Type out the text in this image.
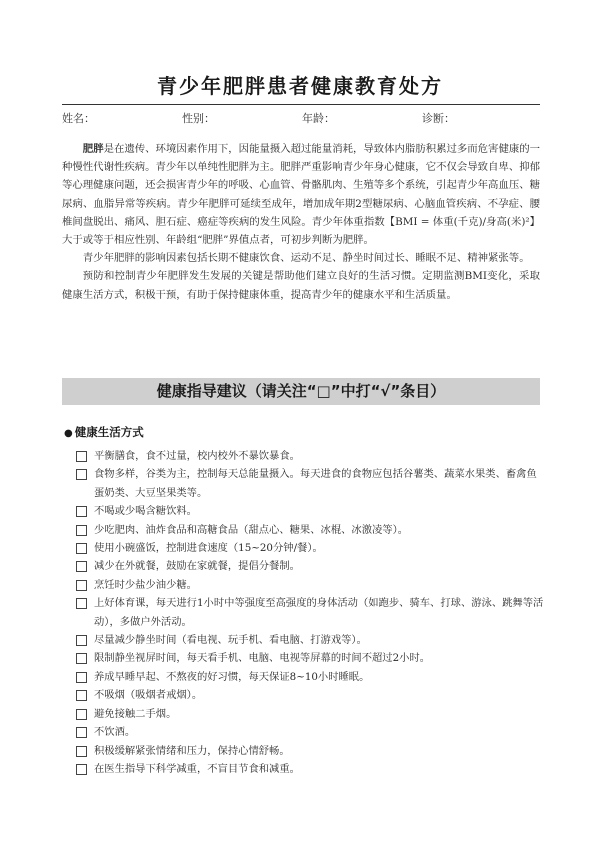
青少年肥胖患者健康教育处方
姓名：	性别：	年龄：	诊断：

肥胖是在遗传、环境因素作用下，因能量摄入超过能量消耗，导致体内脂肪积累过多而危害健康的一种慢性代谢性疾病。青少年以单纯性肥胖为主。肥胖严重影响青少年身心健康，它不仅会导致自卑、抑郁等心理健康问题，还会损害青少年的呼吸、心血管、骨骼肌肉、生殖等多个系统，引起青少年高血压、糖尿病、血脂异常等疾病。青少年肥胖可延续至成年，增加成年期2型糖尿病、心脑血管疾病、不孕症、腰椎间盘脱出、痛风、胆石症、癌症等疾病的发生风险。青少年体重指数【BMI = 体重(千克)/身高(米)²】大于或等于相应性别、年龄组“肥胖”界值点者，可初步判断为肥胖。

青少年肥胖的影响因素包括长期不健康饮食、运动不足、静坐时间过长、睡眠不足、精神紧张等。

预防和控制青少年肥胖发生发展的关键是帮助他们建立良好的生活习惯。定期监测BMI变化，采取健康生活方式，积极干预，有助于保持健康体重，提高青少年的健康水平和生活质量。

健康指导建议（请关注“□”中打“√”条目）
● 健康生活方式
平衡膳食，食不过量，校内校外不暴饮暴食。
食物多样，谷类为主，控制每天总能量摄入。每天进食的食物应包括谷薯类、蔬菜水果类、畜禽鱼蛋奶类、大豆坚果类等。
不喝或少喝含糖饮料。
少吃肥肉、油炸食品和高糖食品（甜点心、糖果、冰棍、冰激凌等）。
使用小碗盛饭，控制进食速度（15~20分钟/餐）。
减少在外就餐，鼓励在家就餐，提倡分餐制。
烹饪时少盐少油少糖。
上好体育课，每天进行1小时中等强度至高强度的身体活动（如跑步、骑车、打球、游泳、跳舞等活动），多做户外活动。
尽量减少静坐时间（看电视、玩手机、看电脑、打游戏等）。
限制静坐视屏时间，每天看手机、电脑、电视等屏幕的时间不超过2小时。
养成早睡早起、不熬夜的好习惯，每天保证8~10小时睡眠。
不吸烟（吸烟者戒烟）。
避免接触二手烟。
不饮酒。
积极缓解紧张情绪和压力，保持心情舒畅。
在医生指导下科学减重，不盲目节食和减重。
